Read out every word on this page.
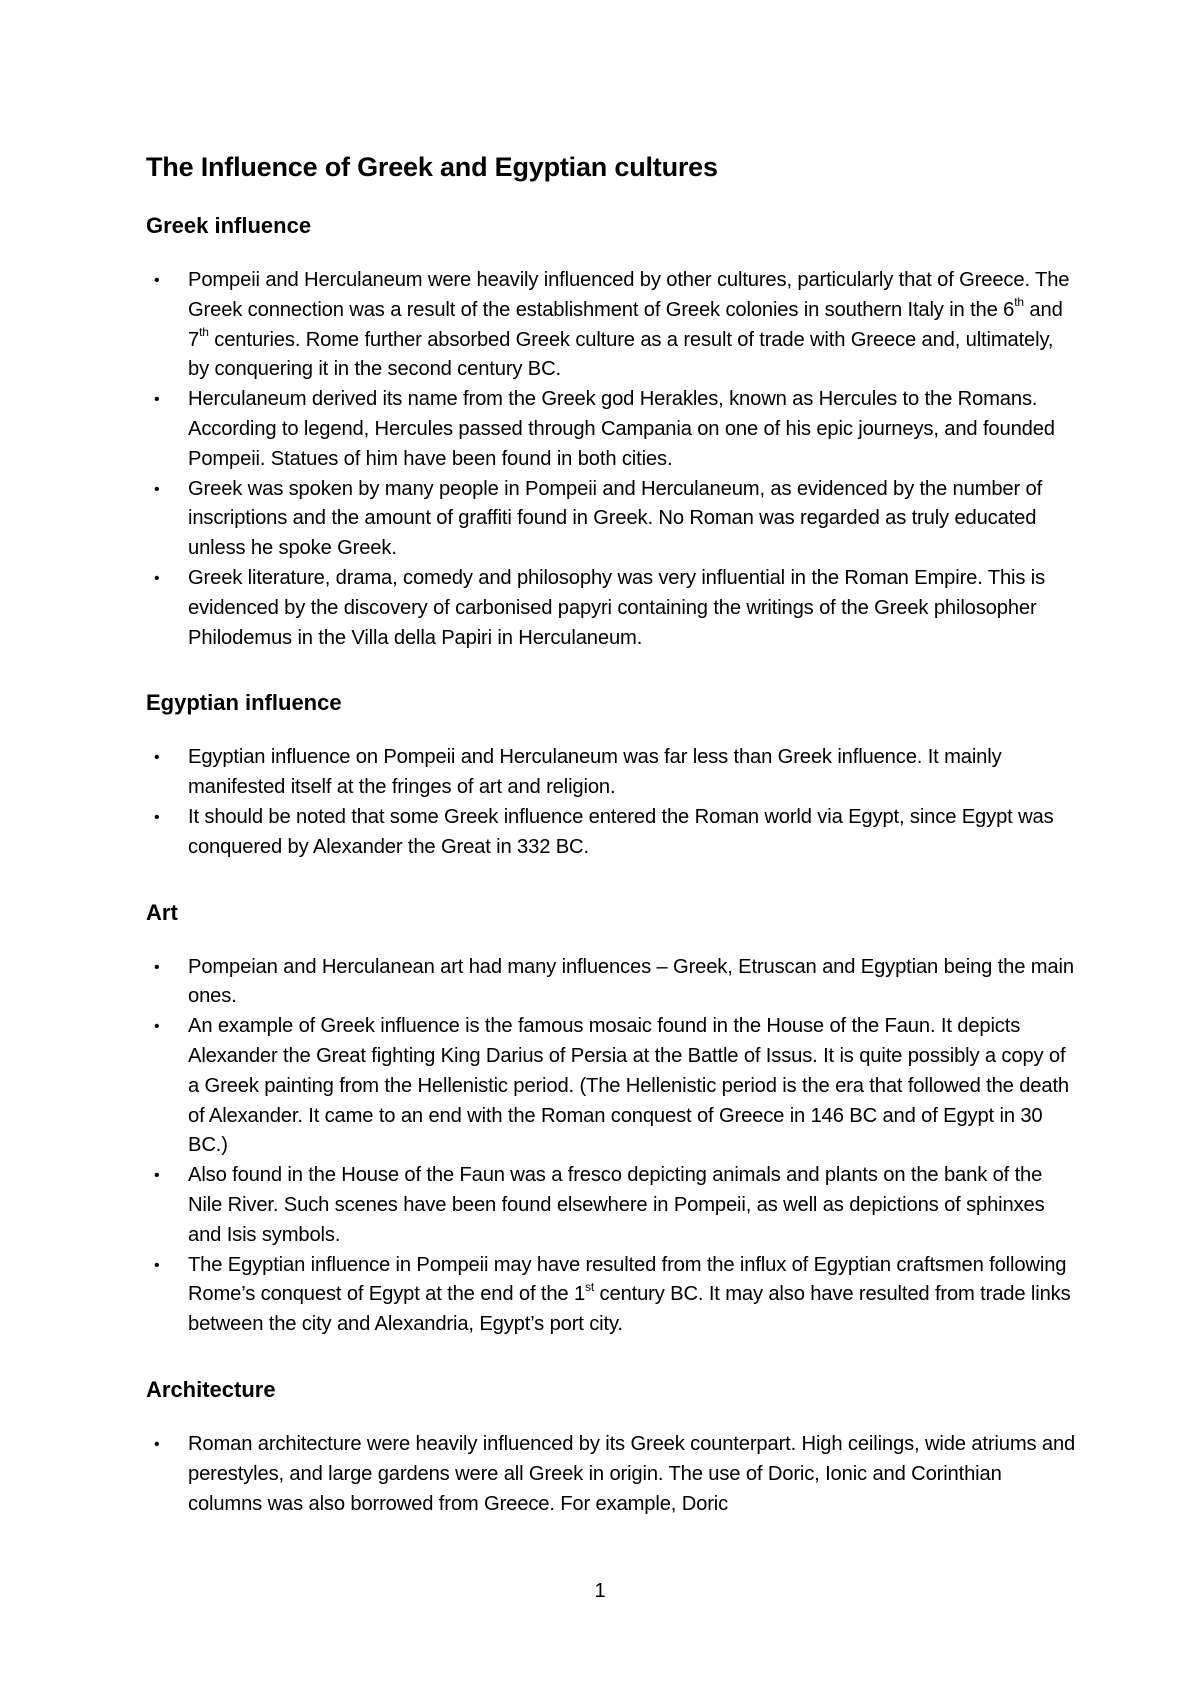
The Influence of Greek and Egyptian cultures
Greek influence
• Pompeii and Herculaneum were heavily influenced by other cultures, particularly that of Greece. The Greek connection was a result of the establishment of Greek colonies in southern Italy in the 6th and 7th centuries. Rome further absorbed Greek culture as a result of trade with Greece and, ultimately, by conquering it in the second century BC.
• Herculaneum derived its name from the Greek god Herakles, known as Hercules to the Romans. According to legend, Hercules passed through Campania on one of his epic journeys, and founded Pompeii. Statues of him have been found in both cities.
• Greek was spoken by many people in Pompeii and Herculaneum, as evidenced by the number of inscriptions and the amount of graffiti found in Greek. No Roman was regarded as truly educated unless he spoke Greek.
• Greek literature, drama, comedy and philosophy was very influential in the Roman Empire. This is evidenced by the discovery of carbonised papyri containing the writings of the Greek philosopher Philodemus in the Villa della Papiri in Herculaneum.
Egyptian influence
• Egyptian influence on Pompeii and Herculaneum was far less than Greek influence. It mainly manifested itself at the fringes of art and religion.
• It should be noted that some Greek influence entered the Roman world via Egypt, since Egypt was conquered by Alexander the Great in 332 BC.
Art
• Pompeian and Herculanean art had many influences – Greek, Etruscan and Egyptian being the main ones.
• An example of Greek influence is the famous mosaic found in the House of the Faun. It depicts Alexander the Great fighting King Darius of Persia at the Battle of Issus. It is quite possibly a copy of a Greek painting from the Hellenistic period. (The Hellenistic period is the era that followed the death of Alexander. It came to an end with the Roman conquest of Greece in 146 BC and of Egypt in 30 BC.)
• Also found in the House of the Faun was a fresco depicting animals and plants on the bank of the Nile River. Such scenes have been found elsewhere in Pompeii, as well as depictions of sphinxes and Isis symbols.
• The Egyptian influence in Pompeii may have resulted from the influx of Egyptian craftsmen following Rome’s conquest of Egypt at the end of the 1st century BC. It may also have resulted from trade links between the city and Alexandria, Egypt’s port city.
Architecture
• Roman architecture were heavily influenced by its Greek counterpart. High ceilings, wide atriums and perestyles, and large gardens were all Greek in origin. The use of Doric, Ionic and Corinthian columns was also borrowed from Greece. For example, Doric
1
